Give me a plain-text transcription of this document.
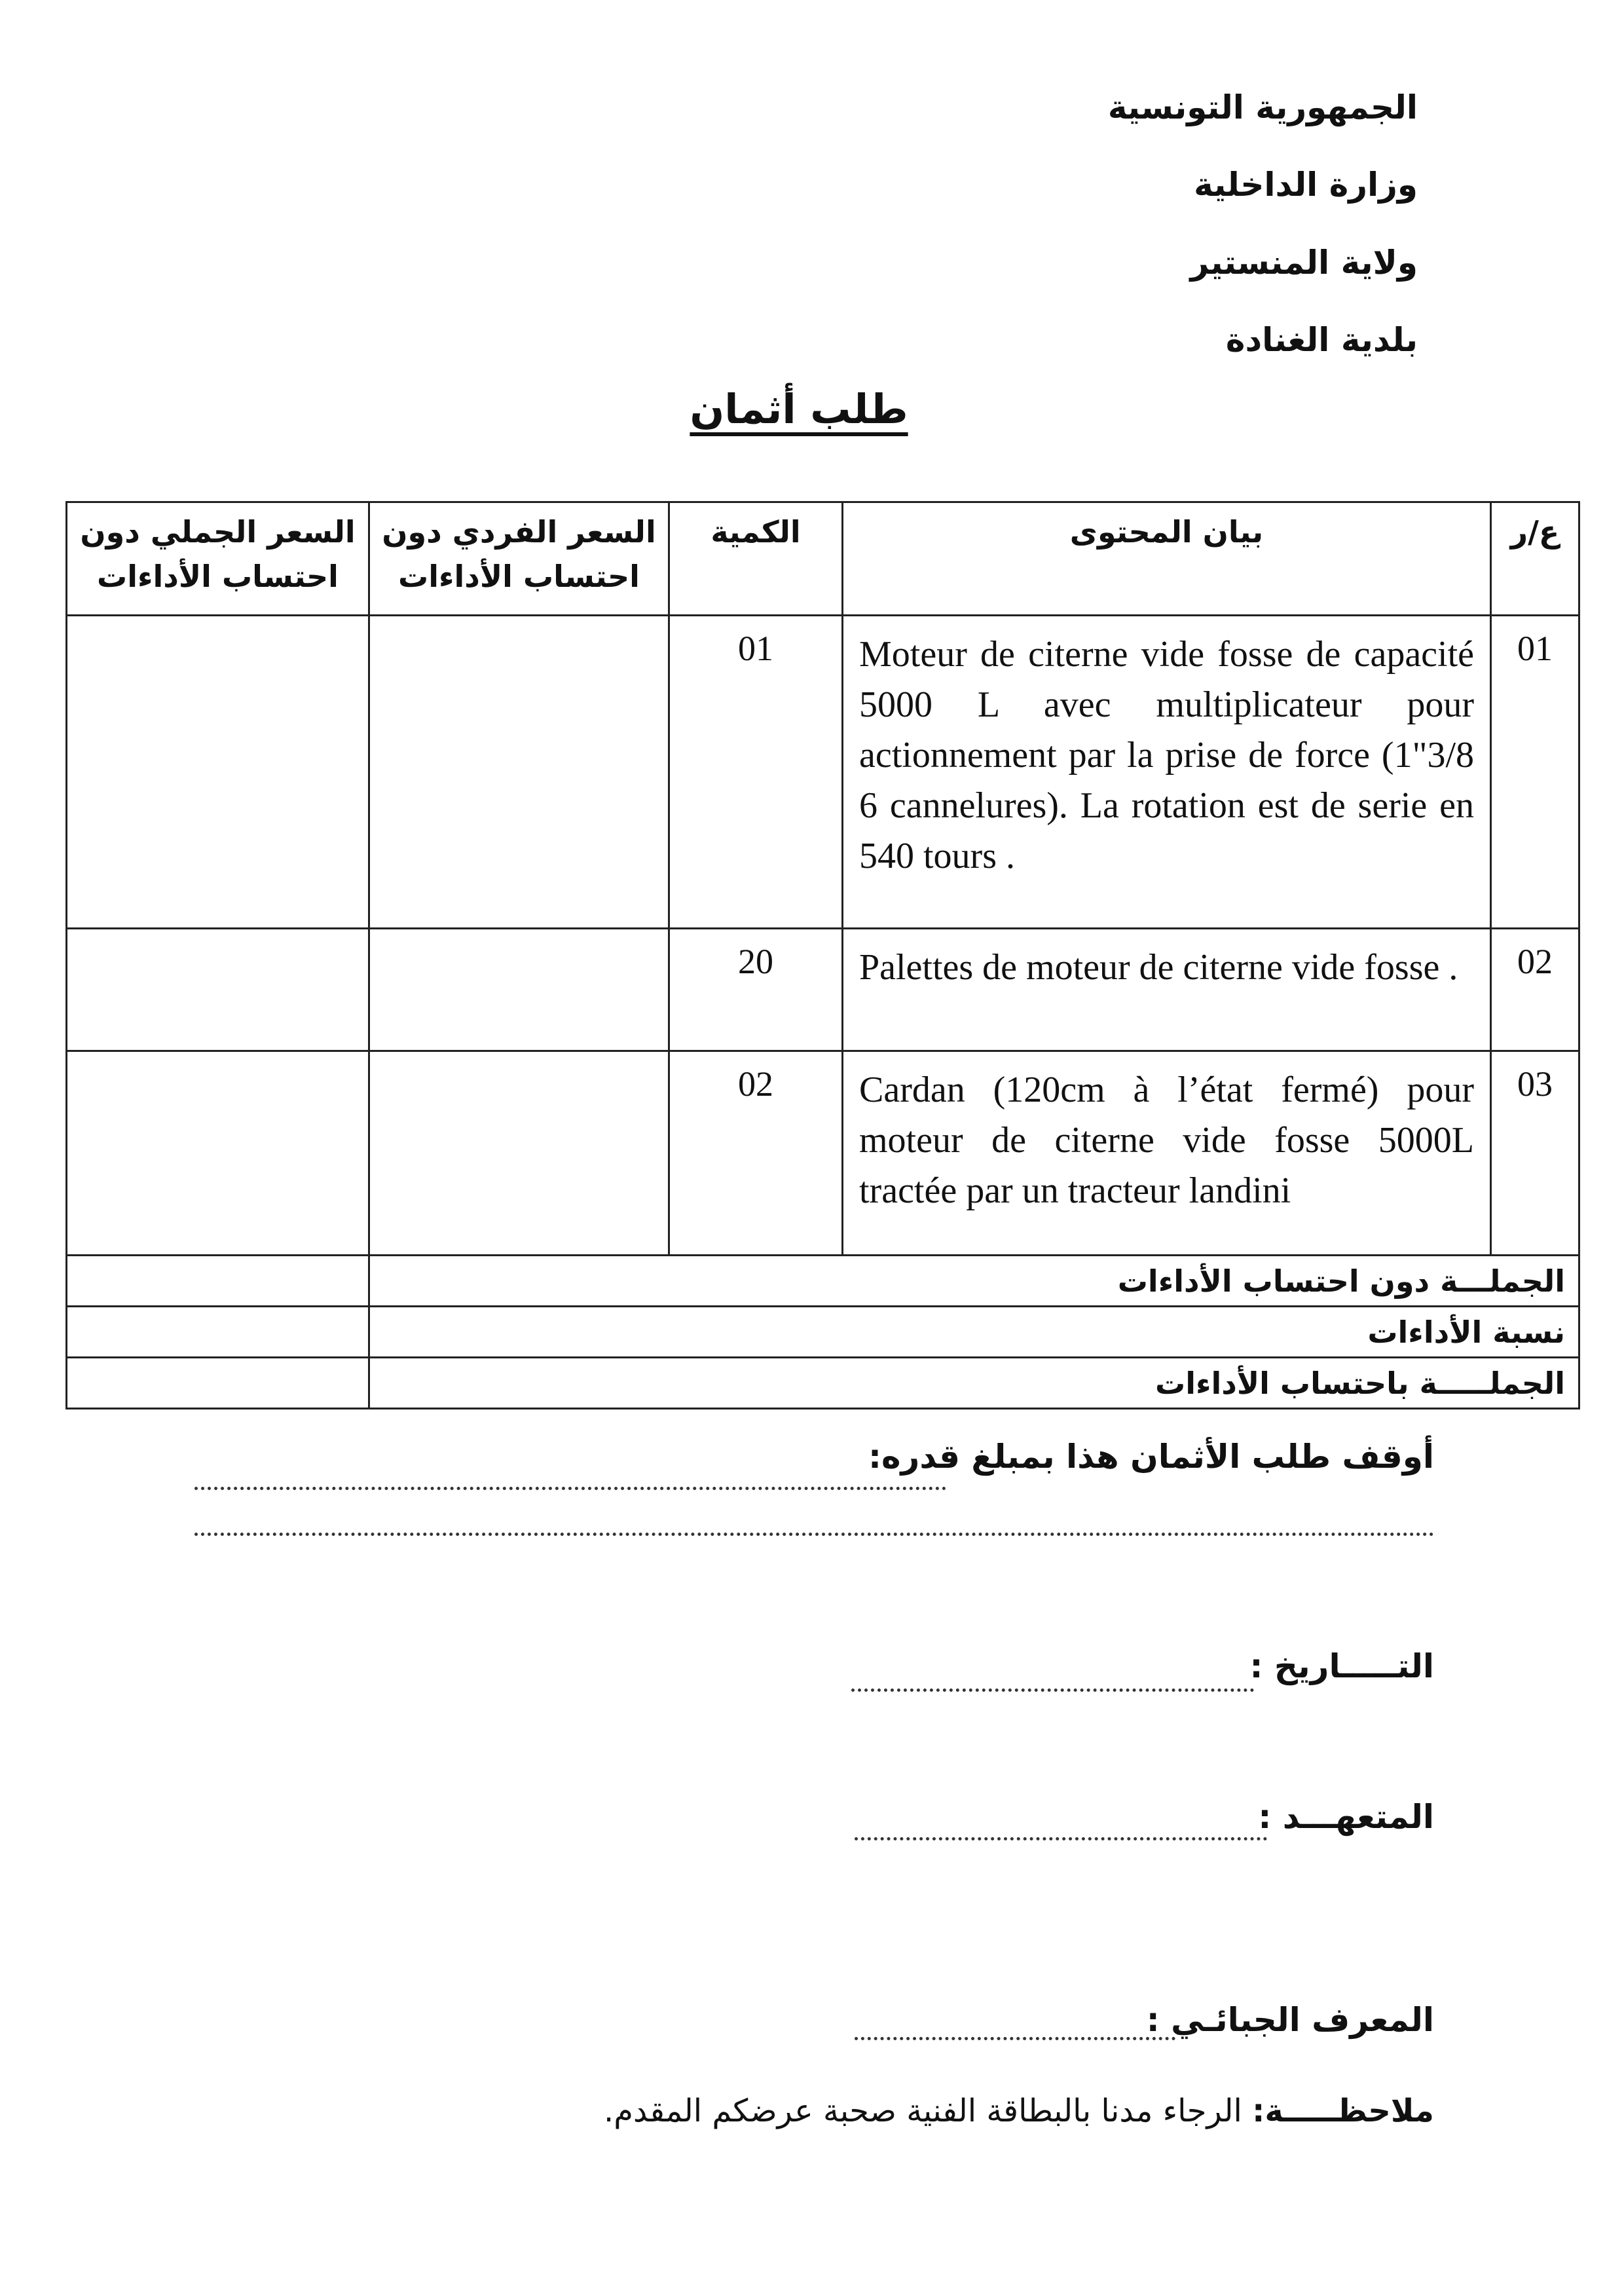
الجمهورية التونسية
وزارة الداخلية
ولاية المنستير
بلدية الغنادة
طلب أثمان
السعر الجملي دون احتساب الأداءات	السعر الفردي دون احتساب الأداءات	الكمية	بيان المحتوى	ع/ر
		01	Moteur de citerne vide fosse de capacité 5000 L avec multiplicateur pour actionnement par la prise de force (1"3/8 6 cannelures). La rotation est de serie en 540 tours .	01
		20	Palettes de moteur de citerne vide fosse .	02
		02	Cardan (120cm à l’état fermé) pour moteur de citerne vide fosse 5000L tractée par un tracteur landini	03
	الجملـــة دون احتساب الأداءات			
	نسبة الأداءات			
	الجملـــــة باحتساب الأداءات			
أوقف طلب الأثمان هذا بمبلغ قدره:
التـــــاريخ :
المتعهـــد :
المعرف الجبائـي :
ملاحظـــــة: الرجاء مدنا بالبطاقة الفنية صحبة عرضكم المقدم.
